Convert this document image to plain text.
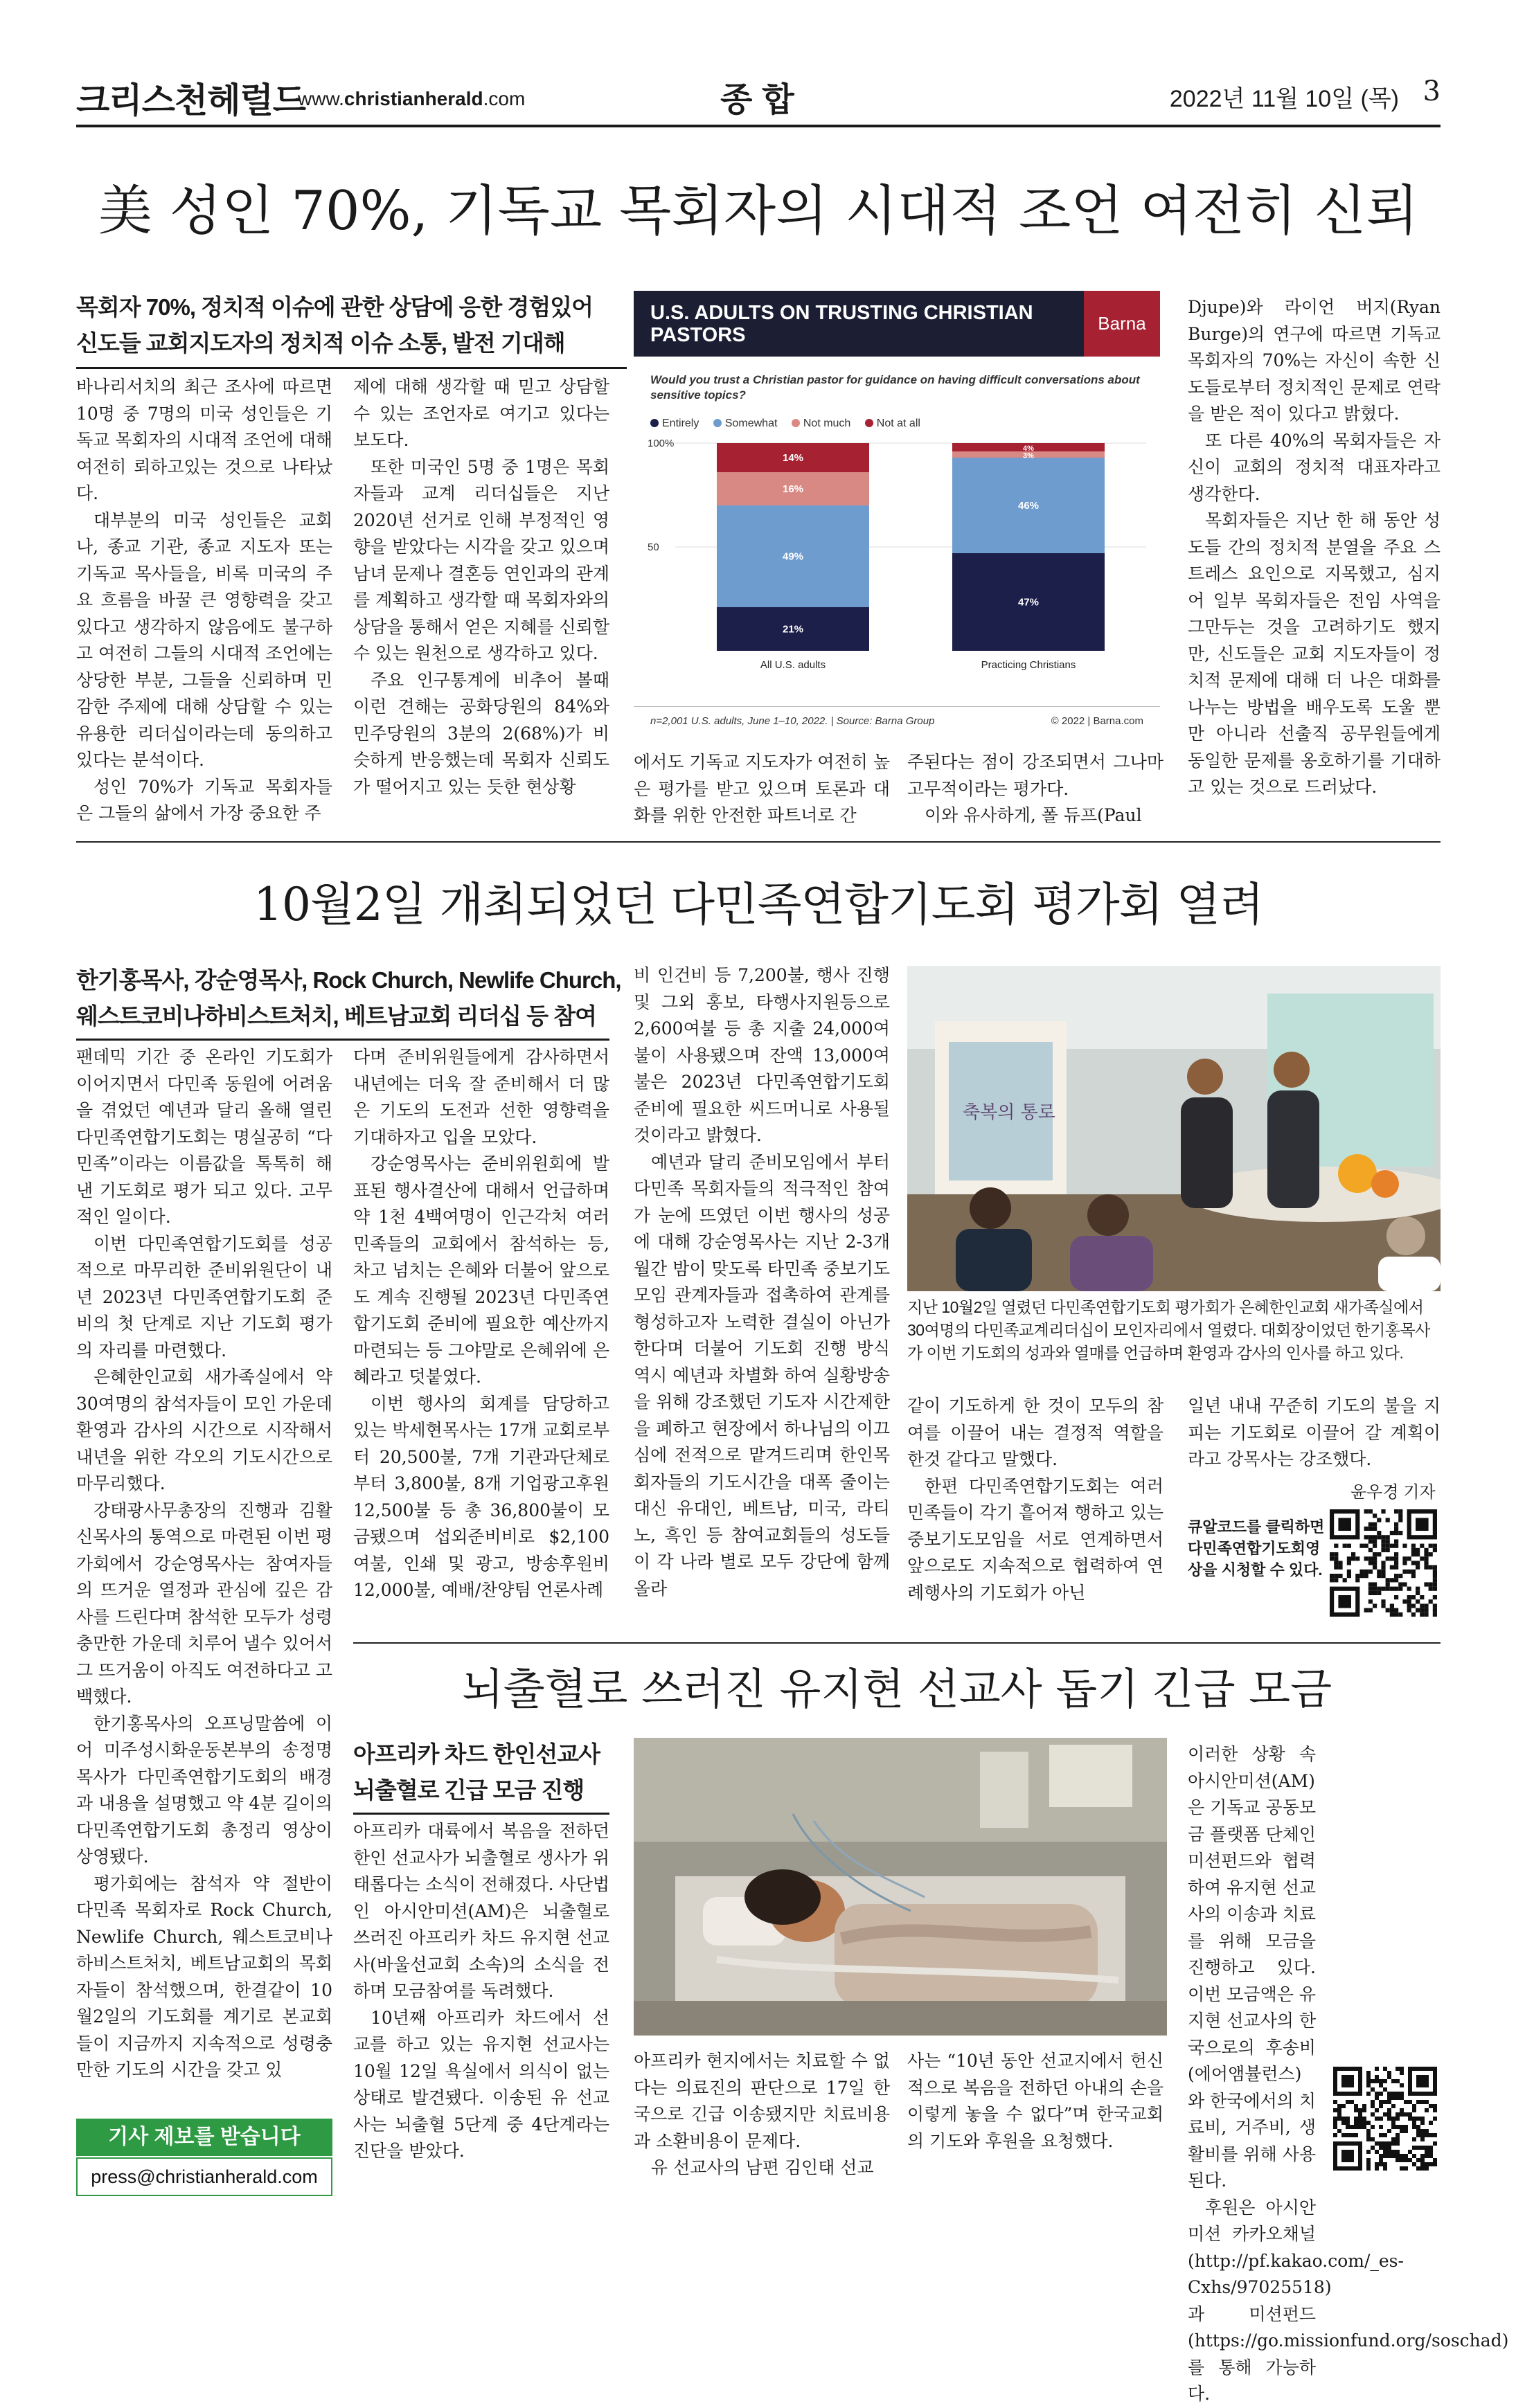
크리스천헤럴드
www.christianherald.com	종합	2022년 11월 10일 (목) 3
美 성인 70%, 기독교 목회자의 시대적 조언 여전히 신뢰
목회자 70%, 정치적 이슈에 관한 상담에 응한 경험있어
신도들 교회지도자의 정치적 이슈 소통, 발전 기대해

바나리서치의 최근 조사에 따르면 10명 중 7명의 미국 성인들은 기독교 목회자의 시대적 조언에 대해 여전히 뢰하고있는 것으로 나타났다.

대부분의 미국 성인들은 교회나, 종교 기관, 종교 지도자 또는 기독교 목사들을, 비록 미국의 주요 흐름을 바꿀 큰 영향력을 갖고 있다고 생각하지 않음에도 불구하고 여전히 그들의 시대적 조언에는 상당한 부분, 그들을 신뢰하며 민감한 주제에 대해 상담할 수 있는 유용한 리더십이라는데 동의하고 있다는 분석이다.

성인 70%가 기독교 목회자들은 그들의 삶에서 가장 중요한 주

제에 대해 생각할 때 믿고 상담할 수 있는 조언자로 여기고 있다는 보도다.

또한 미국인 5명 중 1명은 목회자들과 교계 리더십들은 지난 2020년 선거로 인해 부정적인 영향을 받았다는 시각을 갖고 있으며 남녀 문제나 결혼등 연인과의 관계를 계획하고 생각할 때 목회자와의 상담을 통해서 얻은 지혜를 신뢰할 수 있는 원천으로 생각하고 있다.

주요 인구통계에 비추어 볼때 이런 견해는 공화당원의 84%와 민주당원의 3분의 2(68%)가 비슷하게 반응했는데 목회자 신뢰도가 떨어지고 있는 듯한 현상황

U.S. ADULTS ON TRUSTING CHRISTIAN PASTORS
Barna
Would you trust a Christian pastor for guidance on having difficult conversations about sensitive topics?
Entirely Somewhat Not much Not at all
100%
50
21%
49%
16%
14%
All U.S. adults
47%
46%
3%
4%
Practicing Christians
n=2,001 U.S. adults, June 1–10, 2022. | Source: Barna Group	© 2022 | Barna.com

에서도 기독교 지도자가 여전히 높은 평가를 받고 있으며 토론과 대화를 위한 안전한 파트너로 간

주된다는 점이 강조되면서 그나마 고무적이라는 평가다.

이와 유사하게, 폴 듀프(Paul

Djupe)와 라이언 버지(Ryan Burge)의 연구에 따르면 기독교 목회자의 70%는 자신이 속한 신도들로부터 정치적인 문제로 연락을 받은 적이 있다고 밝혔다.

또 다른 40%의 목회자들은 자신이 교회의 정치적 대표자라고 생각한다.

목회자들은 지난 한 해 동안 성도들 간의 정치적 분열을 주요 스트레스 요인으로 지목했고, 심지어 일부 목회자들은 전임 사역을 그만두는 것을 고려하기도 했지만, 신도들은 교회 지도자들이 정치적 문제에 대해 더 나은 대화를 나누는 방법을 배우도록 도울 뿐만 아니라 선출직 공무원들에게 동일한 문제를 옹호하기를 기대하고 있는 것으로 드러났다.

10월2일 개최되었던 다민족연합기도회 평가회 열려
한기홍목사, 강순영목사, Rock Church, Newlife Church,
웨스트코비나하비스트처치, 베트남교회 리더십 등 참여

팬데믹 기간 중 온라인 기도회가 이어지면서 다민족 동원에 어려움을 겪었던 예년과 달리 올해 열린 다민족연합기도회는 명실공히 “다민족”이라는 이름값을 톡톡히 해낸 기도회로 평가 되고 있다. 고무적인 일이다.

이번 다민족연합기도회를 성공적으로 마무리한 준비위원단이 내년 2023년 다민족연합기도회 준비의 첫 단계로 지난 기도회 평가의 자리를 마련했다.

은혜한인교회 새가족실에서 약 30여명의 참석자들이 모인 가운데 환영과 감사의 시간으로 시작해서 내년을 위한 각오의 기도시간으로 마무리했다.

강태광사무총장의 진행과 김활신목사의 통역으로 마련된 이번 평가회에서 강순영목사는 참여자들의 뜨거운 열정과 관심에 깊은 감사를 드린다며 참석한 모두가 성령충만한 가운데 치루어 낼수 있어서 그 뜨거움이 아직도 여전하다고 고백했다.

한기홍목사의 오프닝말씀에 이어 미주성시화운동본부의 송정명목사가 다민족연합기도회의 배경과 내용을 설명했고 약 4분 길이의 다민족연합기도회 총정리 영상이 상영됐다.

평가회에는 참석자 약 절반이 다민족 목회자로 Rock Church, Newlife Church, 웨스트코비나하비스트처치, 베트남교회의 목회자들이 참석했으며, 한결같이 10월2일의 기도회를 계기로 본교회들이 지금까지 지속적으로 성령충만한 기도의 시간을 갖고 있

다며 준비위원들에게 감사하면서 내년에는 더욱 잘 준비해서 더 많은 기도의 도전과 선한 영향력을 기대하자고 입을 모았다.

강순영목사는 준비위원회에 발표된 행사결산에 대해서 언급하며 약 1천 4백여명이 인근각처 여러민족들의 교회에서 참석하는 등, 차고 넘치는 은혜와 더불어 앞으로도 계속 진행될 2023년 다민족연합기도회 준비에 필요한 예산까지 마련되는 등 그야말로 은혜위에 은혜라고 덧붙였다.

이번 행사의 회계를 담당하고 있는 박세현목사는 17개 교회로부터 20,500불, 7개 기관과단체로 부터 3,800불, 8개 기업광고후원 12,500불 등 총 36,800불이 모금됐으며 섭외준비비로 $2,100 여불, 인쇄 및 광고, 방송후원비 12,000불, 예배/찬양팀 언론사례

비 인건비 등 7,200불, 행사 진행 및 그외 홍보, 타행사지원등으로 2,600여불 등 총 지출 24,000여불이 사용됐으며 잔액 13,000여불은 2023년 다민족연합기도회 준비에 필요한 씨드머니로 사용될 것이라고 밝혔다.

예년과 달리 준비모임에서 부터 다민족 목회자들의 적극적인 참여가 눈에 뜨였던 이번 행사의 성공에 대해 강순영목사는 지난 2-3개월간 밤이 맞도록 타민족 중보기도 모임 관계자들과 접촉하여 관계를 형성하고자 노력한 결실이 아닌가 한다며 더불어 기도회 진행 방식 역시 예년과 차별화 하여 실황방송을 위해 강조했던 기도자 시간제한을 폐하고 현장에서 하나님의 이끄심에 전적으로 맡겨드리며 한인목회자들의 기도시간을 대폭 줄이는 대신 유대인, 베트남, 미국, 라티노, 흑인 등 참여교회들의 성도들이 각 나라 별로 모두 강단에 함께 올라

축복의 통로
지난 10월2일 열렸던 다민족연합기도회 평가회가 은혜한인교회 새가족실에서 30여명의 다민족교계리더십이 모인자리에서 열렸다. 대회장이었던 한기홍목사가 이번 기도회의 성과와 열매를 언급하며 환영과 감사의 인사를 하고 있다.

같이 기도하게 한 것이 모두의 참여를 이끌어 내는 결정적 역할을 한것 같다고 말했다.

한편 다민족연합기도회는 여러 민족들이 각기 흩어져 행하고 있는 중보기도모임을 서로 연계하면서 앞으로도 지속적으로 협력하여 연례행사의 기도회가 아닌

일년 내내 꾸준히 기도의 불을 지피는 기도회로 이끌어 갈 계획이라고 강목사는 강조했다.

윤우경 기자
큐알코드를 클릭하면 다민족연합기도회영상을 시청할 수 있다.
뇌출혈로 쓰러진 유지현 선교사 돕기 긴급 모금
아프리카 차드 한인선교사
뇌출혈로 긴급 모금 진행

아프리카 대륙에서 복음을 전하던 한인 선교사가 뇌출혈로 생사가 위태롭다는 소식이 전해졌다. 사단법인 아시안미션(AM)은 뇌출혈로 쓰러진 아프리카 차드 유지현 선교사(바울선교회 소속)의 소식을 전하며 모금참여를 독려했다.

10년째 아프리카 차드에서 선교를 하고 있는 유지현 선교사는 10월 12일 욕실에서 의식이 없는 상태로 발견됐다. 이송된 유 선교사는 뇌출혈 5단계 중 4단계라는 진단을 받았다.

아프리카 현지에서는 치료할 수 없다는 의료진의 판단으로 17일 한국으로 긴급 이송됐지만 치료비용과 소환비용이 문제다.

유 선교사의 남편 김인태 선교

사는 “10년 동안 선교지에서 헌신적으로 복음을 전하던 아내의 손을 이렇게 놓을 수 없다”며 한국교회의 기도와 후원을 요청했다.

이러한 상황 속 아시안미션(AM)은 기독교 공동모금 플랫폼 단체인 미션펀드와 협력하여 유지현 선교사의 이송과 치료를 위해 모금을 진행하고 있다. 이번 모금액은 유지현 선교사의 한국으로의 후송비(에어앰뷸런스)와 한국에서의 치료비, 거주비, 생활비를 위해 사용된다.

후원은 아시안미션 카카오채널(http://pf.kakao.com/_es-Cxhs/97025518)과 미션펀드(https://go.missionfund.org/soschad) 를 통해 가능하다.

기사 제보를 받습니다
press@christianherald.com
